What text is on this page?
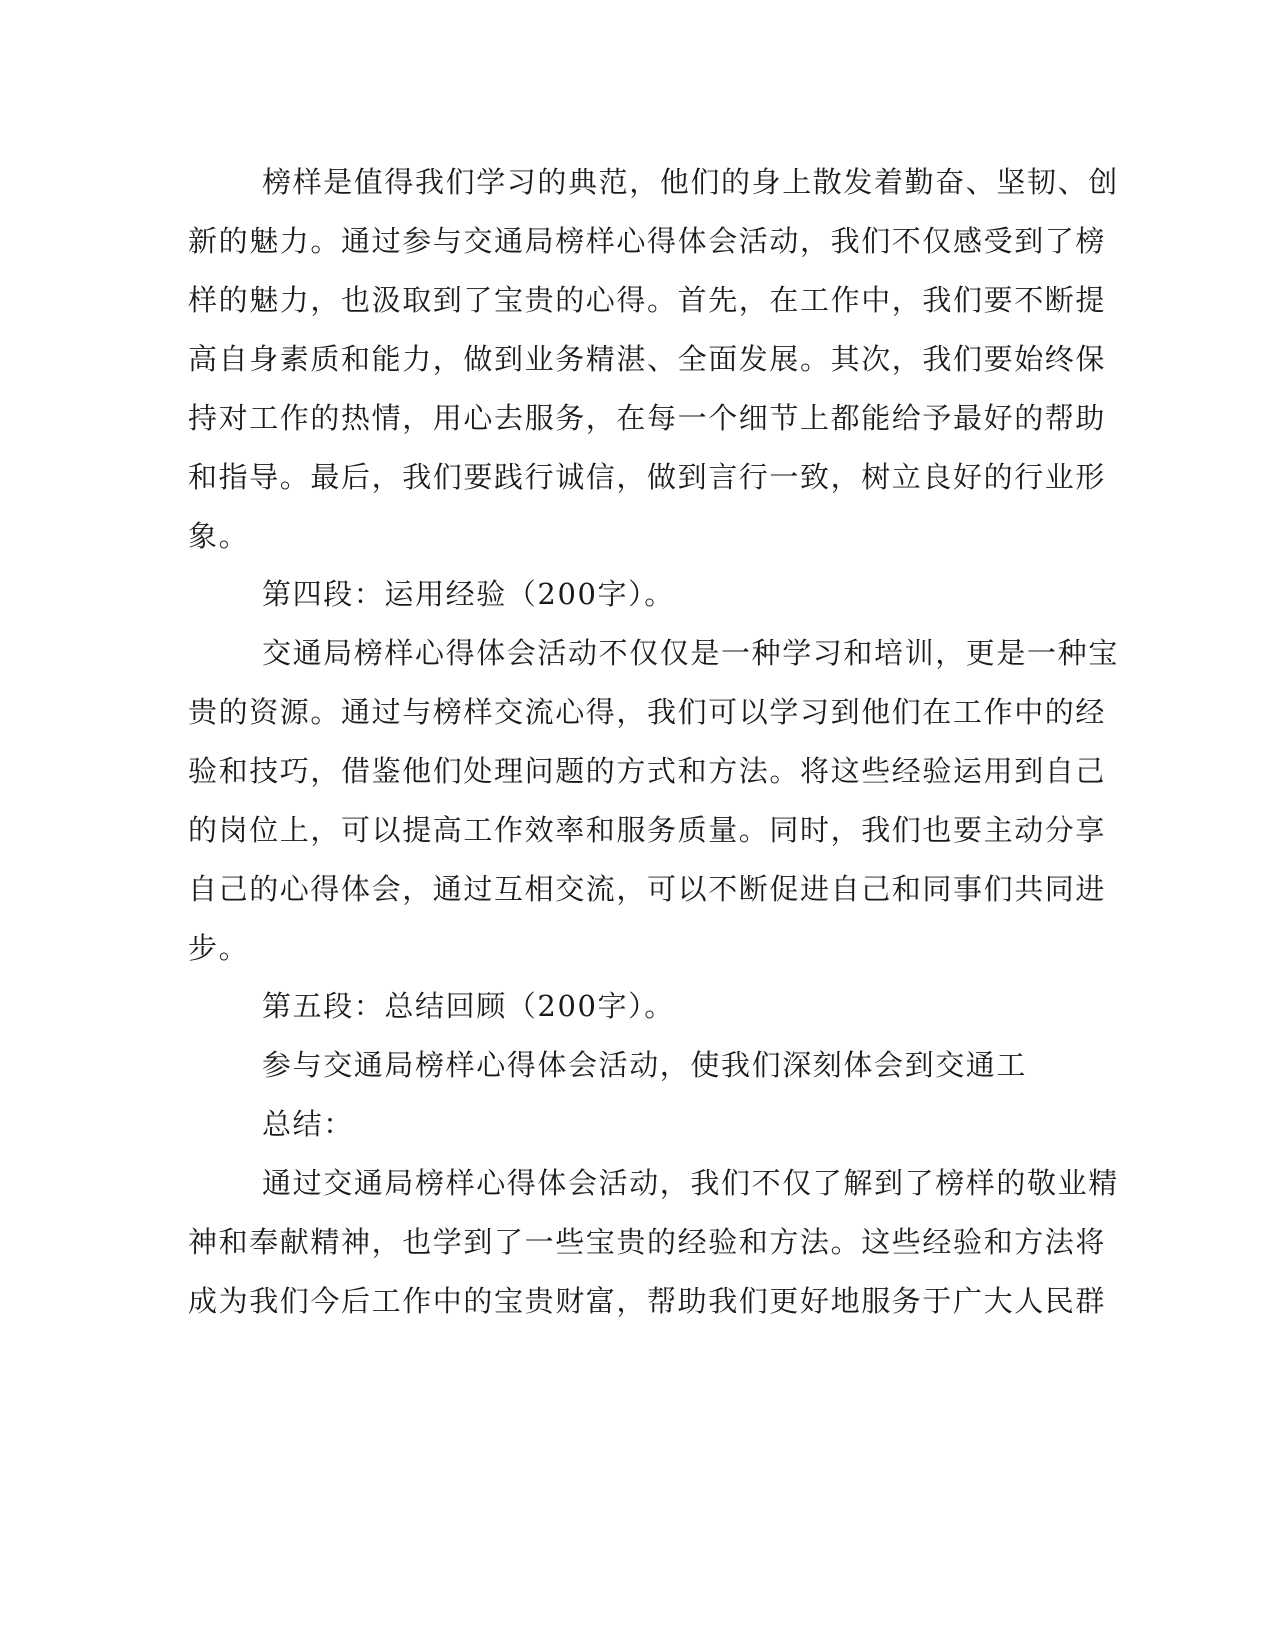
榜样是值得我们学习的典范，他们的身上散发着勤奋、坚韧、创
新的魅力。通过参与交通局榜样心得体会活动，我们不仅感受到了榜
样的魅力，也汲取到了宝贵的心得。首先，在工作中，我们要不断提
高自身素质和能力，做到业务精湛、全面发展。其次，我们要始终保
持对工作的热情，用心去服务，在每一个细节上都能给予最好的帮助
和指导。最后，我们要践行诚信，做到言行一致，树立良好的行业形
象。
第四段：运用经验（200字）。
交通局榜样心得体会活动不仅仅是一种学习和培训，更是一种宝
贵的资源。通过与榜样交流心得，我们可以学习到他们在工作中的经
验和技巧，借鉴他们处理问题的方式和方法。将这些经验运用到自己
的岗位上，可以提高工作效率和服务质量。同时，我们也要主动分享
自己的心得体会，通过互相交流，可以不断促进自己和同事们共同进
步。
第五段：总结回顾（200字）。
参与交通局榜样心得体会活动，使我们深刻体会到交通工
总结：
通过交通局榜样心得体会活动，我们不仅了解到了榜样的敬业精
神和奉献精神，也学到了一些宝贵的经验和方法。这些经验和方法将
成为我们今后工作中的宝贵财富，帮助我们更好地服务于广大人民群
